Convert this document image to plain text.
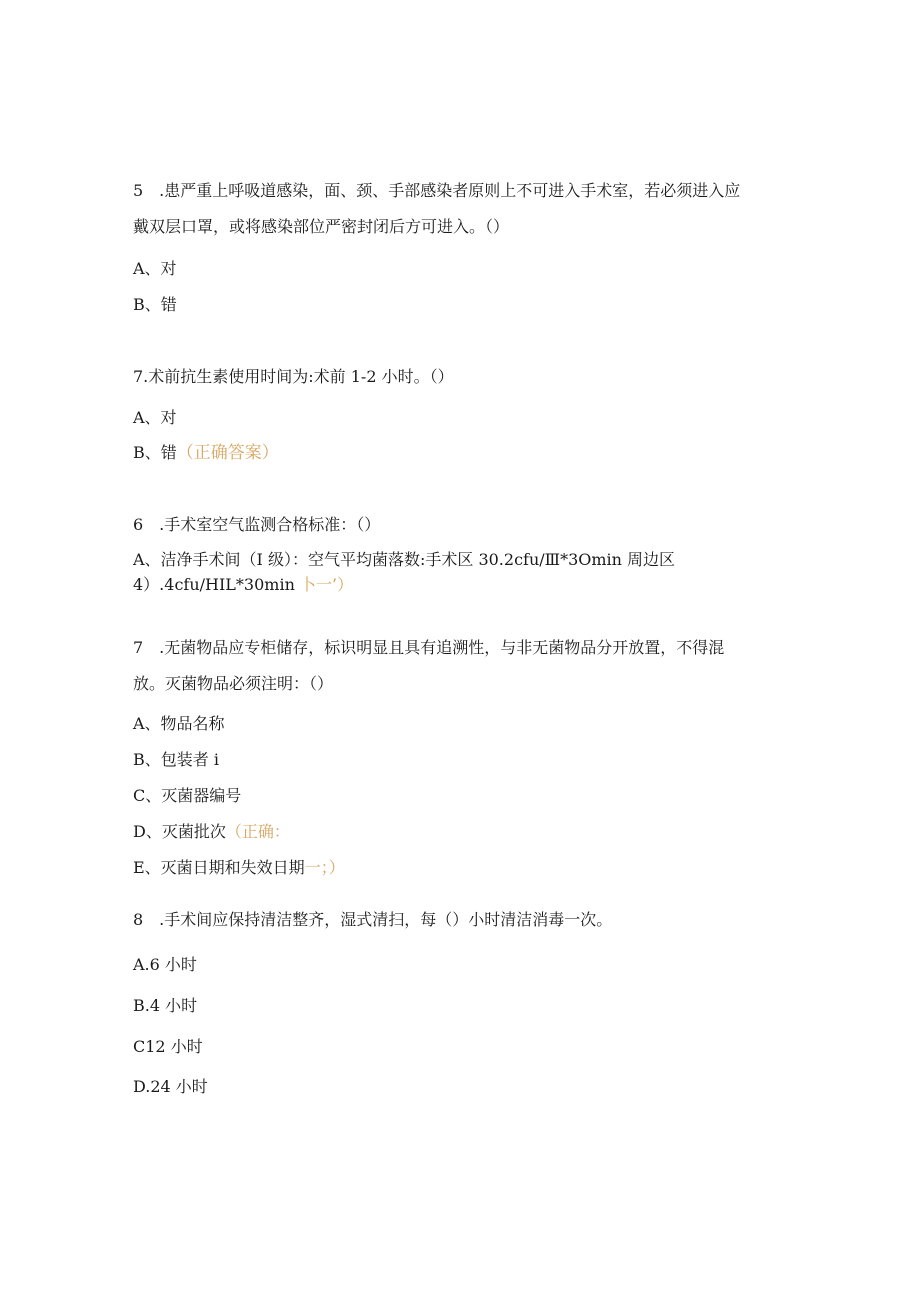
5　.患严重上呼吸道感染，面、颈、手部感染者原则上不可进入手术室，若必须进入应
戴双层口罩，或将感染部位严密封闭后方可进入。（）
A、对
B、错
7.术前抗生素使用时间为:术前 1-2 小时。（）
A、对
B、错（正确答案）
6　.手术室空气监测合格标准：（）
A、洁净手术间（I 级）：空气平均菌落数:手术区 30.2cfu/Ⅲ*3Omin 周边区
4）.4cfu/HIL*30min 卜一’）
7　.无菌物品应专柜储存，标识明显且具有追溯性，与非无菌物品分开放置，不得混
放。灭菌物品必须注明：（）
A、物品名称
B、包装者 i
C、灭菌器编号
D、灭菌批次（正确：
E、灭菌日期和失效日期一；）
8　.手术间应保持清洁整齐，湿式清扫，每（）小时清洁消毒一次。
A.6 小时
B.4 小时
C12 小时
D.24 小时
